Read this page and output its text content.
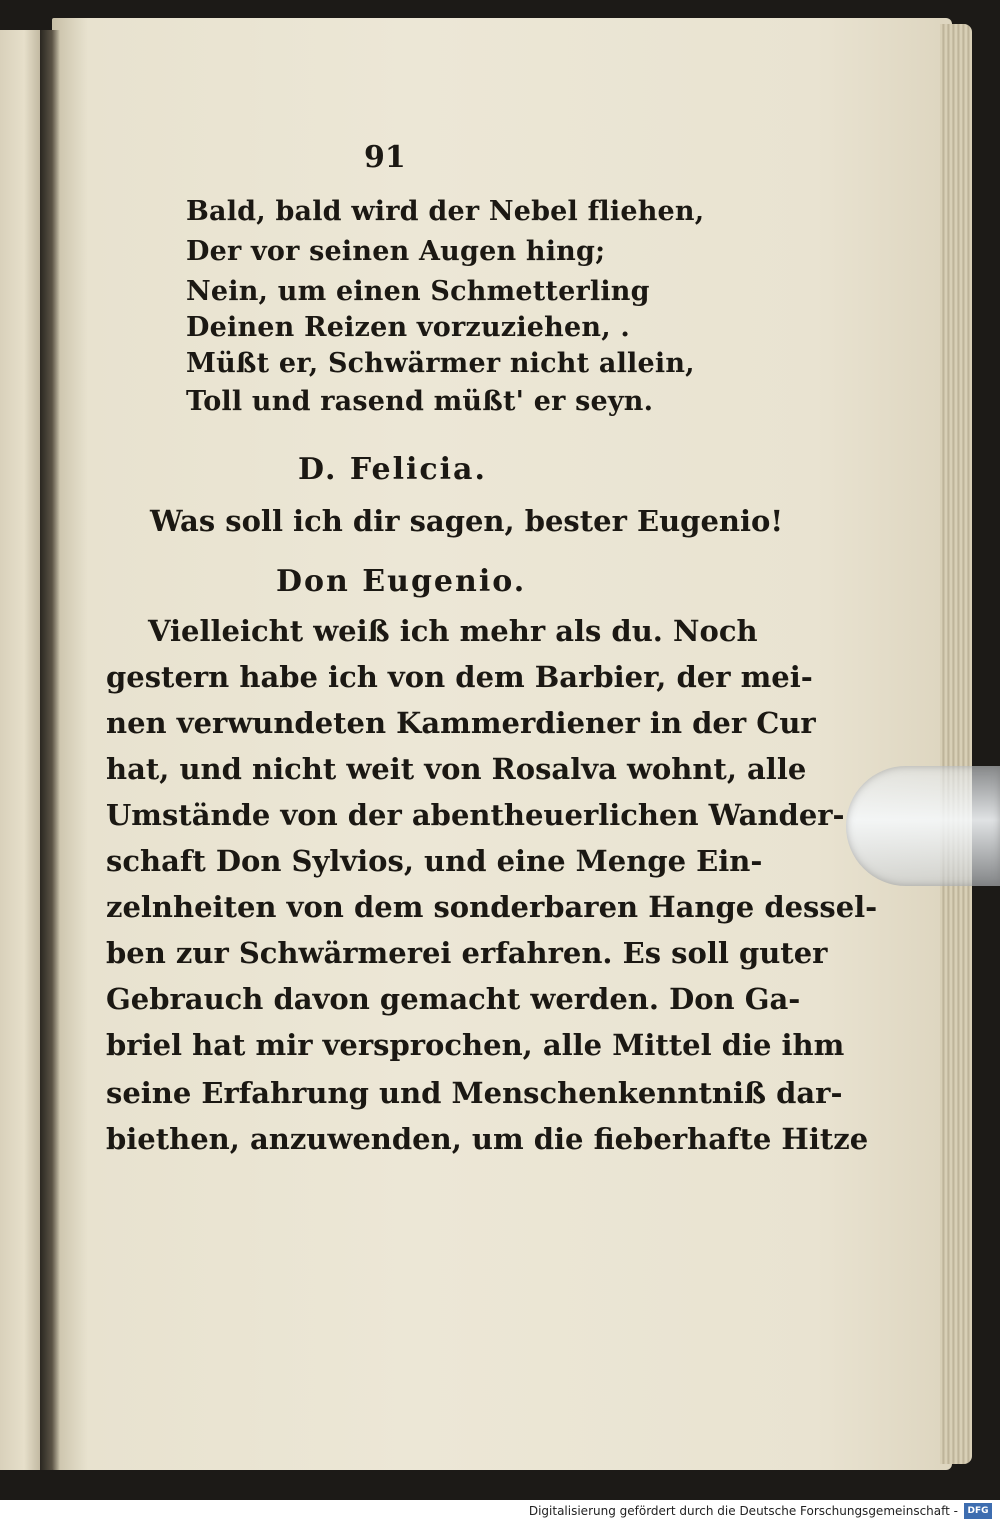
91
Bald, bald wird der Nebel fliehen,
Der vor seinen Augen hing;
Nein, um einen Schmetterling
Deinen Reizen vorzuziehen, .
Müßt er, Schwärmer nicht allein,
Toll und rasend müßt' er seyn.
D. Felicia.
Was soll ich dir sagen, bester Eugenio!
Don Eugenio.
Vielleicht weiß ich mehr als du. Noch
gestern habe ich von dem Barbier, der mei-
nen verwundeten Kammerdiener in der Cur
hat, und nicht weit von Rosalva wohnt, alle
Umstände von der abentheuerlichen Wander-
schaft Don Sylvios, und eine Menge Ein-
zelnheiten von dem sonderbaren Hange dessel-
ben zur Schwärmerei erfahren. Es soll guter
Gebrauch davon gemacht werden. Don Ga-
briel hat mir versprochen, alle Mittel die ihm
seine Erfahrung und Menschenkenntniß dar-
biethen, anzuwenden, um die fieberhafte Hitze
Digitalisierung gefördert durch die Deutsche Forschungsgemeinschaft -	DFG
